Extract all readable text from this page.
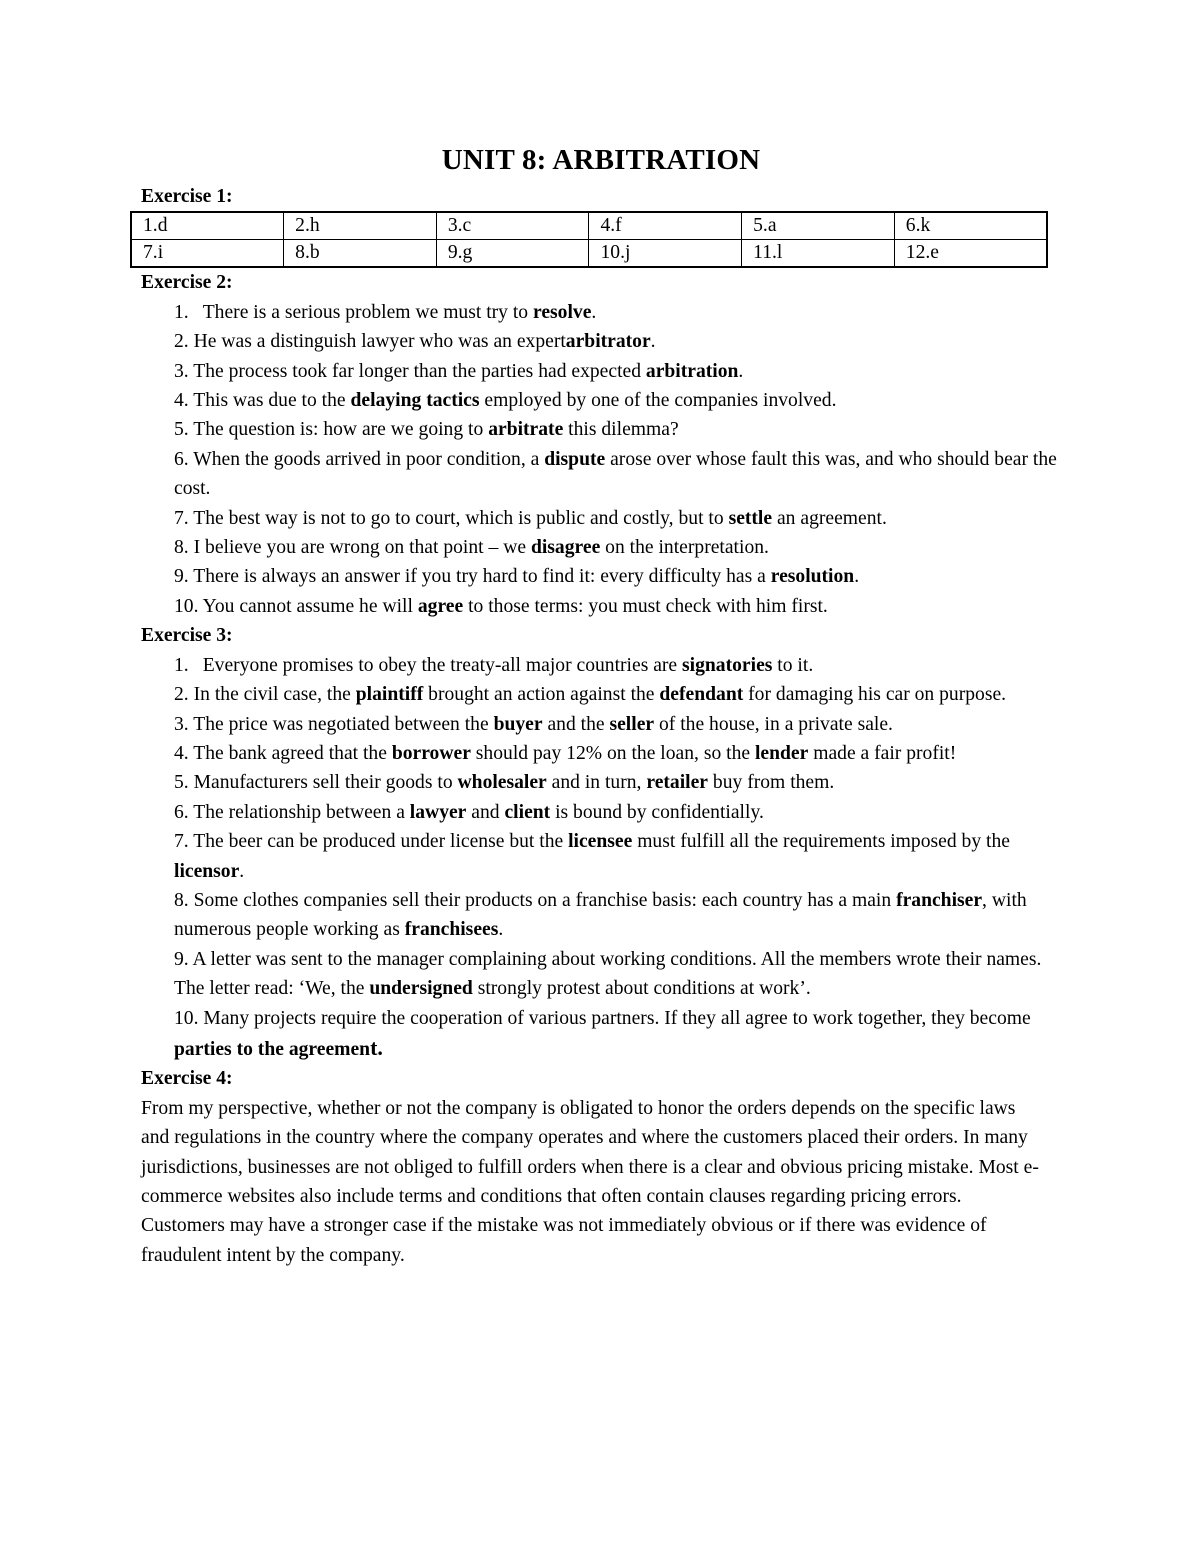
UNIT 8: ARBITRATION
Exercise 1:
1.d	2.h	3.c	4.f	5.a	6.k
7.i	8.b	9.g	10.j	11.l	12.e
Exercise 2:
1. There is a serious problem we must try to resolve.
2. He was a distinguish lawyer who was an expertarbitrator.
3. The process took far longer than the parties had expected arbitration.
4. This was due to the delaying tactics employed by one of the companies involved.
5. The question is: how are we going to arbitrate this dilemma?
6. When the goods arrived in poor condition, a dispute arose over whose fault this was, and who should bear the cost.
7. The best way is not to go to court, which is public and costly, but to settle an agreement.
8. I believe you are wrong on that point – we disagree on the interpretation.
9. There is always an answer if you try hard to find it: every difficulty has a resolution.
10. You cannot assume he will agree to those terms: you must check with him first.
Exercise 3:
1. Everyone promises to obey the treaty-all major countries are signatories to it.
2. In the civil case, the plaintiff brought an action against the defendant for damaging his car on purpose.
3. The price was negotiated between the buyer and the seller of the house, in a private sale.
4. The bank agreed that the borrower should pay 12% on the loan, so the lender made a fair profit!
5. Manufacturers sell their goods to wholesaler and in turn, retailer buy from them.
6. The relationship between a lawyer and client is bound by confidentially.
7. The beer can be produced under license but the licensee must fulfill all the requirements imposed by the licensor.
8. Some clothes companies sell their products on a franchise basis: each country has a main franchiser, with numerous people working as franchisees.
9. A letter was sent to the manager complaining about working conditions. All the members wrote their names. The letter read: ‘We, the undersigned strongly protest about conditions at work’.
10. Many projects require the cooperation of various partners. If they all agree to work together, they become parties to the agreement.
Exercise 4:

From my perspective, whether or not the company is obligated to honor the orders depends on the specific laws and regulations in the country where the company operates and where the customers placed their orders. In many jurisdictions, businesses are not obliged to fulfill orders when there is a clear and obvious pricing mistake. Most e-commerce websites also include terms and conditions that often contain clauses regarding pricing errors. Customers may have a stronger case if the mistake was not immediately obvious or if there was evidence of fraudulent intent by the company.
